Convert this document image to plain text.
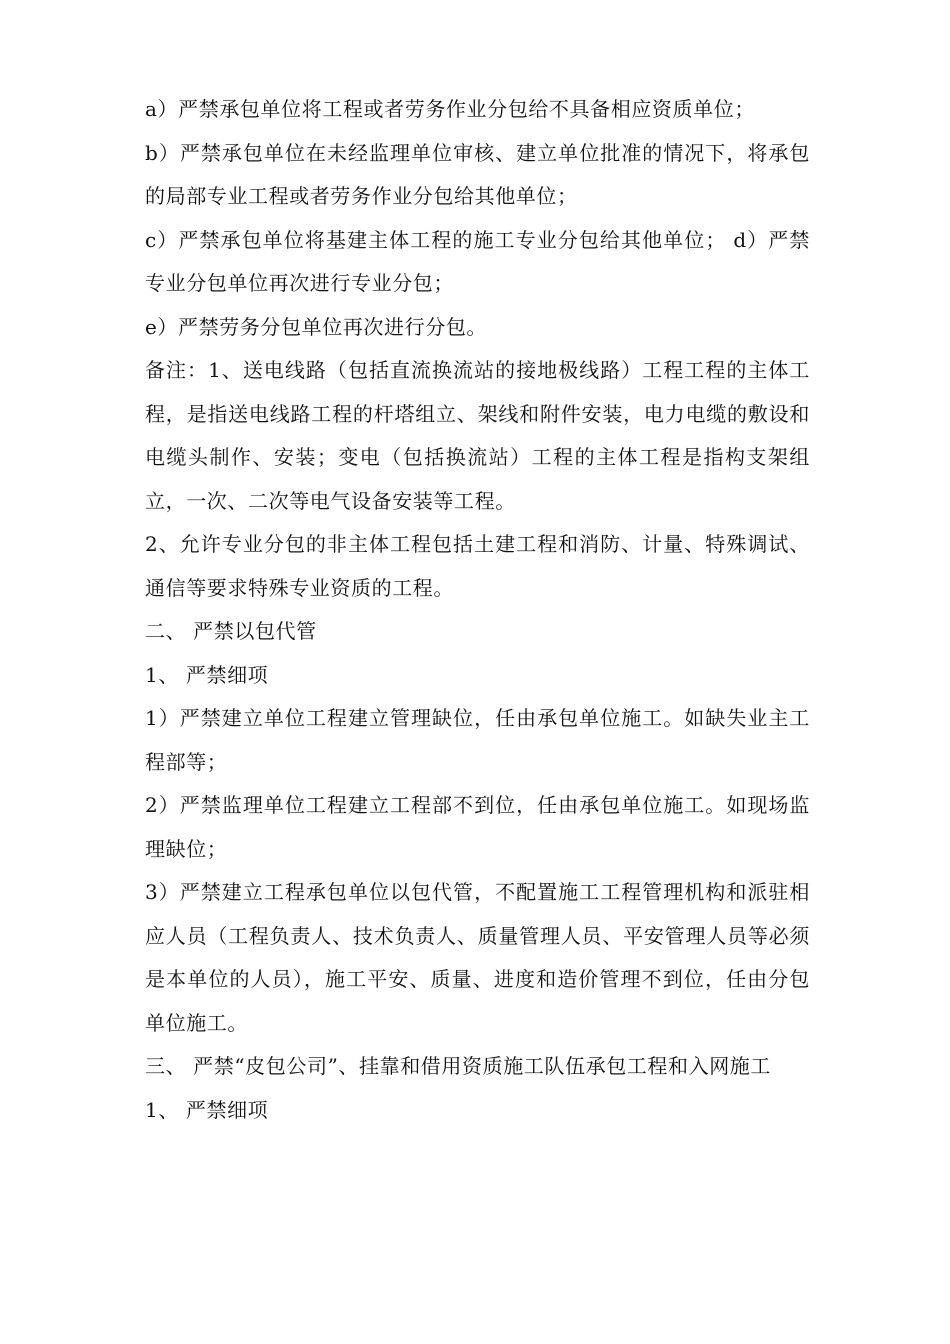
a）严禁承包单位将工程或者劳务作业分包给不具备相应资质单位；

b）严禁承包单位在未经监理单位审核、建立单位批准的情况下，将承包的局部专业工程或者劳务作业分包给其他单位；

c）严禁承包单位将基建主体工程的施工专业分包给其他单位； d）严禁专业分包单位再次进行专业分包；

e）严禁劳务分包单位再次进行分包。

备注：1、送电线路（包括直流换流站的接地极线路）工程工程的主体工程，是指送电线路工程的杆塔组立、架线和附件安装，电力电缆的敷设和电缆头制作、安装；变电（包括换流站）工程的主体工程是指构支架组立，一次、二次等电气设备安装等工程。

2、允许专业分包的非主体工程包括土建工程和消防、计量、特殊调试、通信等要求特殊专业资质的工程。

二、 严禁以包代管

1、 严禁细项

1）严禁建立单位工程建立管理缺位，任由承包单位施工。如缺失业主工程部等；

2）严禁监理单位工程建立工程部不到位，任由承包单位施工。如现场监理缺位；

3）严禁建立工程承包单位以包代管，不配置施工工程管理机构和派驻相应人员（工程负责人、技术负责人、质量管理人员、平安管理人员等必须是本单位的人员），施工平安、质量、进度和造价管理不到位，任由分包单位施工。

三、 严禁“皮包公司”、挂靠和借用资质施工队伍承包工程和入网施工

1、 严禁细项
